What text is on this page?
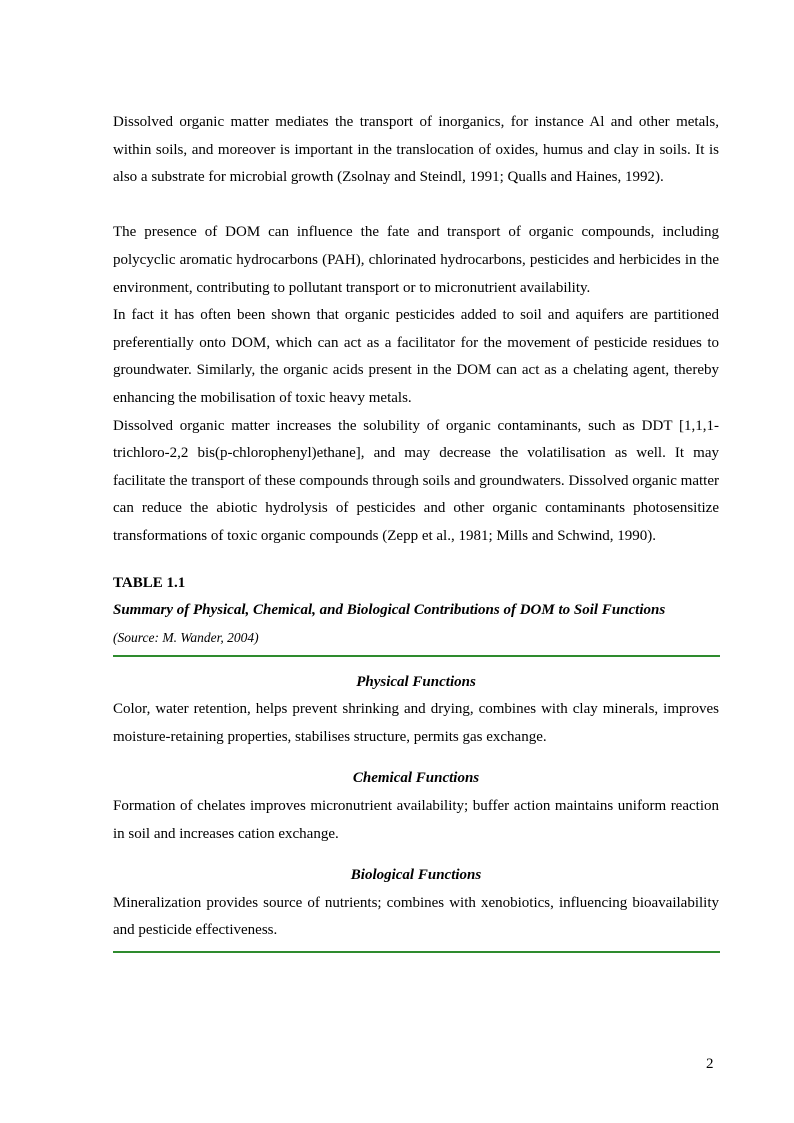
Dissolved organic matter mediates the transport of inorganics, for instance Al and other metals, within soils, and moreover is important in the translocation of oxides, humus and clay in soils. It is also a substrate for microbial growth (Zsolnay and Steindl, 1991; Qualls and Haines, 1992).

The presence of DOM can influence the fate and transport of organic compounds, including polycyclic aromatic hydrocarbons (PAH), chlorinated hydrocarbons, pesticides and herbicides in the environment, contributing to pollutant transport or to micronutrient availability.

In fact it has often been shown that organic pesticides added to soil and aquifers are partitioned preferentially onto DOM, which can act as a facilitator for the movement of pesticide residues to groundwater. Similarly, the organic acids present in the DOM can act as a chelating agent, thereby enhancing the mobilisation of toxic heavy metals.

Dissolved organic matter increases the solubility of organic contaminants, such as DDT [1,1,1-trichloro-2,2 bis(p-chlorophenyl)ethane], and may decrease the volatilisation as well. It may facilitate the transport of these compounds through soils and groundwaters. Dissolved organic matter can reduce the abiotic hydrolysis of pesticides and other organic contaminants photosensitize transformations of toxic organic compounds (Zepp et al., 1981; Mills and Schwind, 1990).

TABLE 1.1

Summary of Physical, Chemical, and Biological Contributions of DOM to Soil Functions

(Source: M. Wander, 2004)

Physical Functions

Color, water retention, helps prevent shrinking and drying, combines with clay minerals, improves moisture-retaining properties, stabilises structure, permits gas exchange.

Chemical Functions

Formation of chelates improves micronutrient availability; buffer action maintains uniform reaction in soil and increases cation exchange.

Biological Functions

Mineralization provides source of nutrients; combines with xenobiotics, influencing bioavailability and pesticide effectiveness.

2
